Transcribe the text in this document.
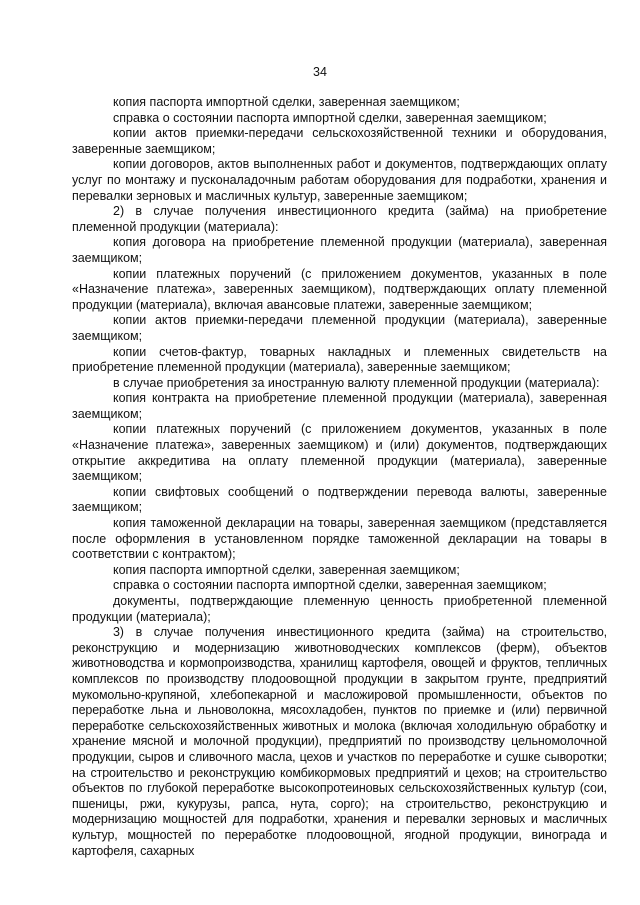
34

копия паспорта импортной сделки, заверенная заемщиком;

справка о состоянии паспорта импортной сделки, заверенная заемщиком;

копии актов приемки-передачи сельскохозяйственной техники и оборудования, заверенные заемщиком;

копии договоров, актов выполненных работ и документов, подтверждающих оплату услуг по монтажу и пусконаладочным работам оборудования для подработки, хранения и перевалки зерновых и масличных культур, заверенные заемщиком;

2) в случае получения инвестиционного кредита (займа) на приобретение племенной продукции (материала):

копия договора на приобретение племенной продукции (материала), заверенная заемщиком;

копии платежных поручений (с приложением документов, указанных в поле «Назначение платежа», заверенных заемщиком), подтверждающих оплату племенной продукции (материала), включая авансовые платежи, заверенные заемщиком;

копии актов приемки-передачи племенной продукции (материала), заверенные заемщиком;

копии счетов-фактур, товарных накладных и племенных свидетельств на приобретение племенной продукции (материала), заверенные заемщиком;

в случае приобретения за иностранную валюту племенной продукции (материала):

копия контракта на приобретение племенной продукции (материала), заверенная заемщиком;

копии платежных поручений (с приложением документов, указанных в поле «Назначение платежа», заверенных заемщиком) и (или) документов, подтверждающих открытие аккредитива на оплату племенной продукции (материала), заверенные заемщиком;

копии свифтовых сообщений о подтверждении перевода валюты, заверенные заемщиком;

копия таможенной декларации на товары, заверенная заемщиком (представляется после оформления в установленном порядке таможенной декларации на товары в соответствии с контрактом);

копия паспорта импортной сделки, заверенная заемщиком;

справка о состоянии паспорта импортной сделки, заверенная заемщиком;

документы, подтверждающие племенную ценность приобретенной племенной продукции (материала);

3) в случае получения инвестиционного кредита (займа) на строительство, реконструкцию и модернизацию животноводческих комплексов (ферм), объектов животноводства и кормопроизводства, хранилищ картофеля, овощей и фруктов, тепличных комплексов по производству плодоовощной продукции в закрытом грунте, предприятий мукомольно-крупяной, хлебопекарной и масложировой промышленности, объектов по переработке льна и льноволокна, мясохладобен, пунктов по приемке и (или) первичной переработке сельскохозяйственных животных и молока (включая холодильную обработку и хранение мясной и молочной продукции), предприятий по производству цельномолочной продукции, сыров и сливочного масла, цехов и участков по переработке и сушке сыворотки; на строительство и реконструкцию комбикормовых предприятий и цехов; на строительство объектов по глубокой переработке высокопротеиновых сельскохозяйственных культур (сои, пшеницы, ржи, кукурузы, рапса, нута, сорго); на строительство, реконструкцию и модернизацию мощностей для подработки, хранения и перевалки зерновых и масличных культур, мощностей по переработке плодоовощной, ягодной продукции, винограда и картофеля, сахарных
